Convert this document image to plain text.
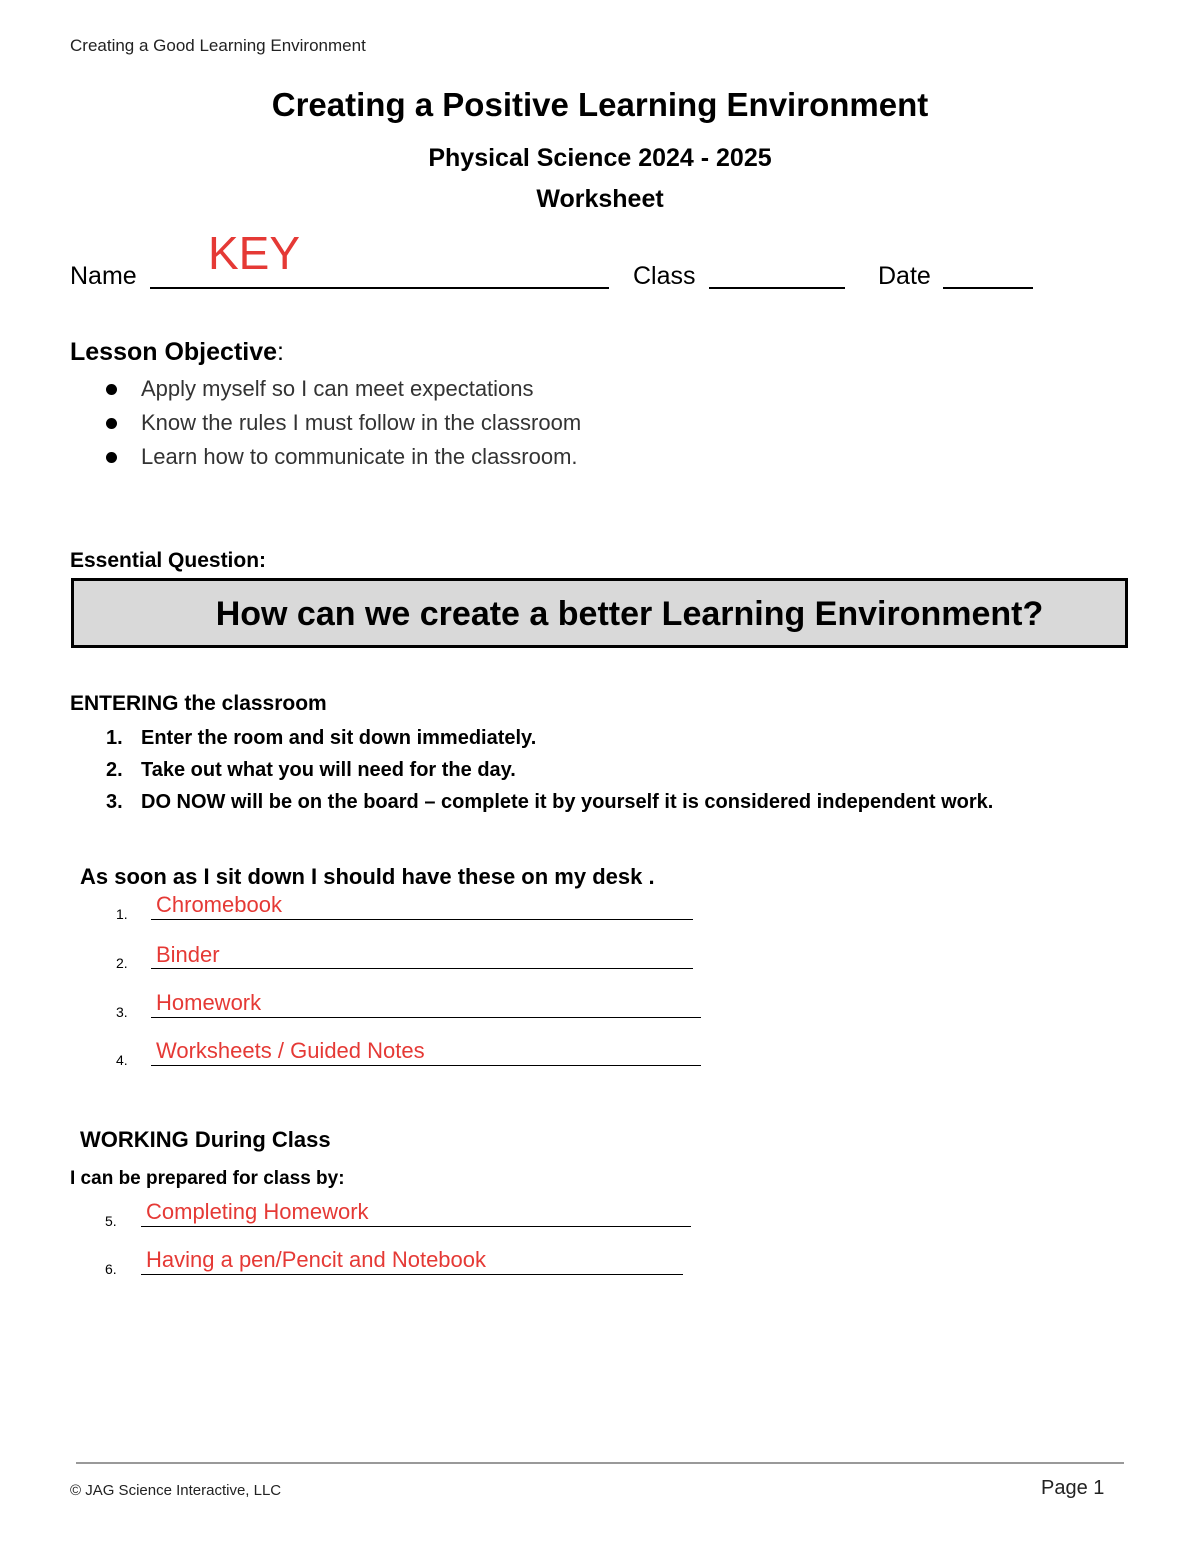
Creating a Good Learning Environment
Creating a Positive Learning Environment
Physical Science 2024 - 2025
Worksheet
Name KEY	Class	Date
Lesson Objective:
Apply myself so I can meet expectations
Know the rules I must follow in the classroom
Learn how to communicate in the classroom.
Essential Question:
How can we create a better Learning Environment?
ENTERING the classroom
1. Enter the room and sit down immediately.
2. Take out what you will need for the day.
3. DO NOW will be on the board – complete it by yourself it is considered independent work.
As soon as I sit down I should have these on my desk .
1. Chromebook
2. Binder
3. Homework
4. Worksheets / Guided Notes
WORKING During Class
I can be prepared for class by:
5. Completing Homework
6. Having a pen/Pencit and Notebook
© JAG Science Interactive, LLC	Page 1
